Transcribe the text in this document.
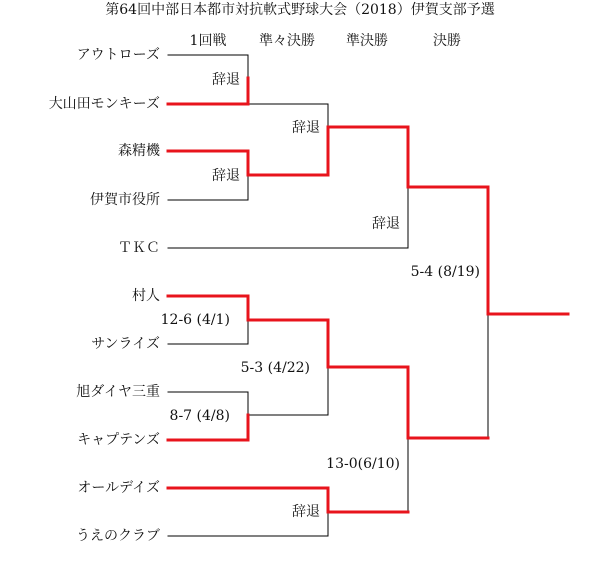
第64回中部日本都市対抗軟式野球大会（2018）伊賀支部予選
1回戦	準々決勝	準決勝	決勝
アウトローズ
大山田モンキーズ
森精機
伊賀市役所
ＴＫＣ
村人
サンライズ
旭ダイヤ三重
キャプテンズ
オールデイズ
うえのクラブ
辞退
辞退
辞退
辞退
5-4 (8/19)
12-6 (4/1)
5-3 (4/22)
8-7 (4/8)
13-0(6/10)
辞退
